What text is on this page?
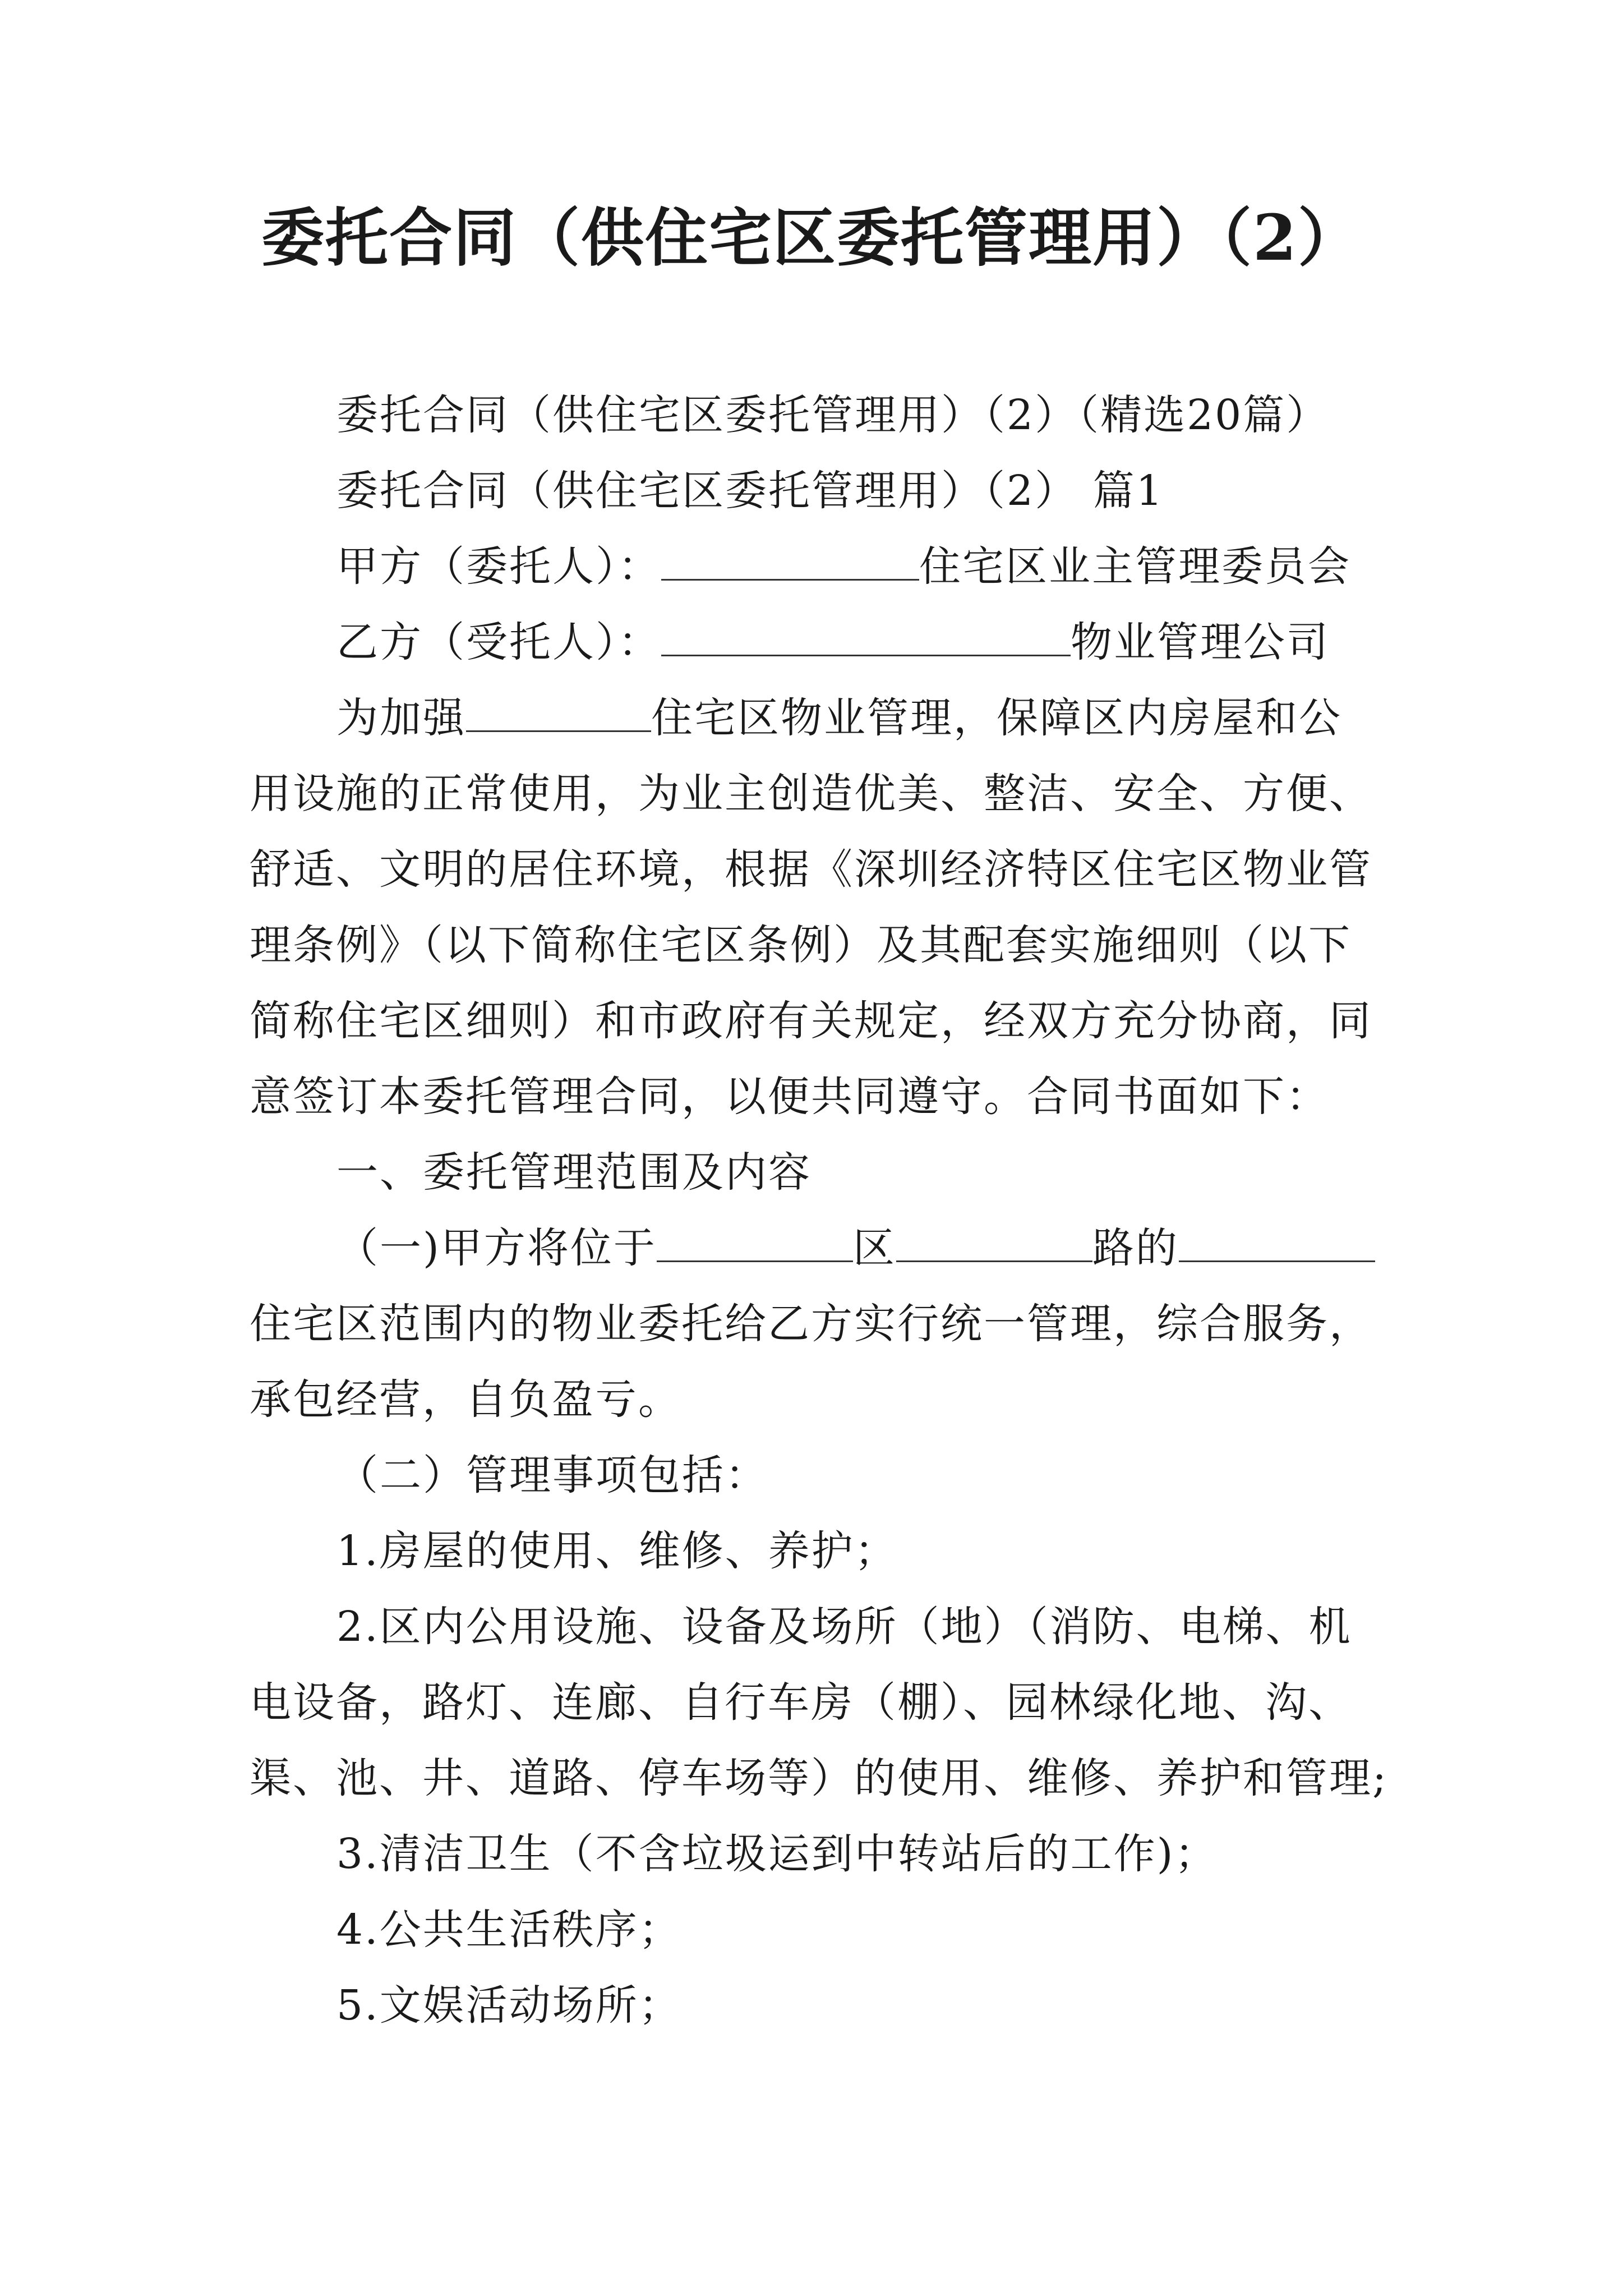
委托合同（供住宅区委托管理用）（2）
委托合同（供住宅区委托管理用）（2）（精选20篇）
委托合同（供住宅区委托管理用）（2） 篇1
甲方（委托人）：	住宅区业主管理委员会
乙方（受托人）：	物业管理公司
为加强	住宅区物业管理，保障区内房屋和公
用设施的正常使用，为业主创造优美、整洁、安全、方便、
舒适、文明的居住环境，根据《深圳经济特区住宅区物业管
理条例》（以下简称住宅区条例）及其配套实施细则（以下
简称住宅区细则）和市政府有关规定，经双方充分协商，同
意签订本委托管理合同，以便共同遵守。合同书面如下：
一、委托管理范围及内容
（一)甲方将位于	区	路的
住宅区范围内的物业委托给乙方实行统一管理，综合服务，
承包经营，自负盈亏。
（二）管理事项包括：
1.房屋的使用、维修、养护；
2.区内公用设施、设备及场所（地）（消防、电梯、机
电设备，路灯、连廊、自行车房（棚）、园林绿化地、沟、
渠、池、井、道路、停车场等）的使用、维修、养护和管理;
3.清洁卫生（不含垃圾运到中转站后的工作)；
4.公共生活秩序；
5.文娱活动场所；
